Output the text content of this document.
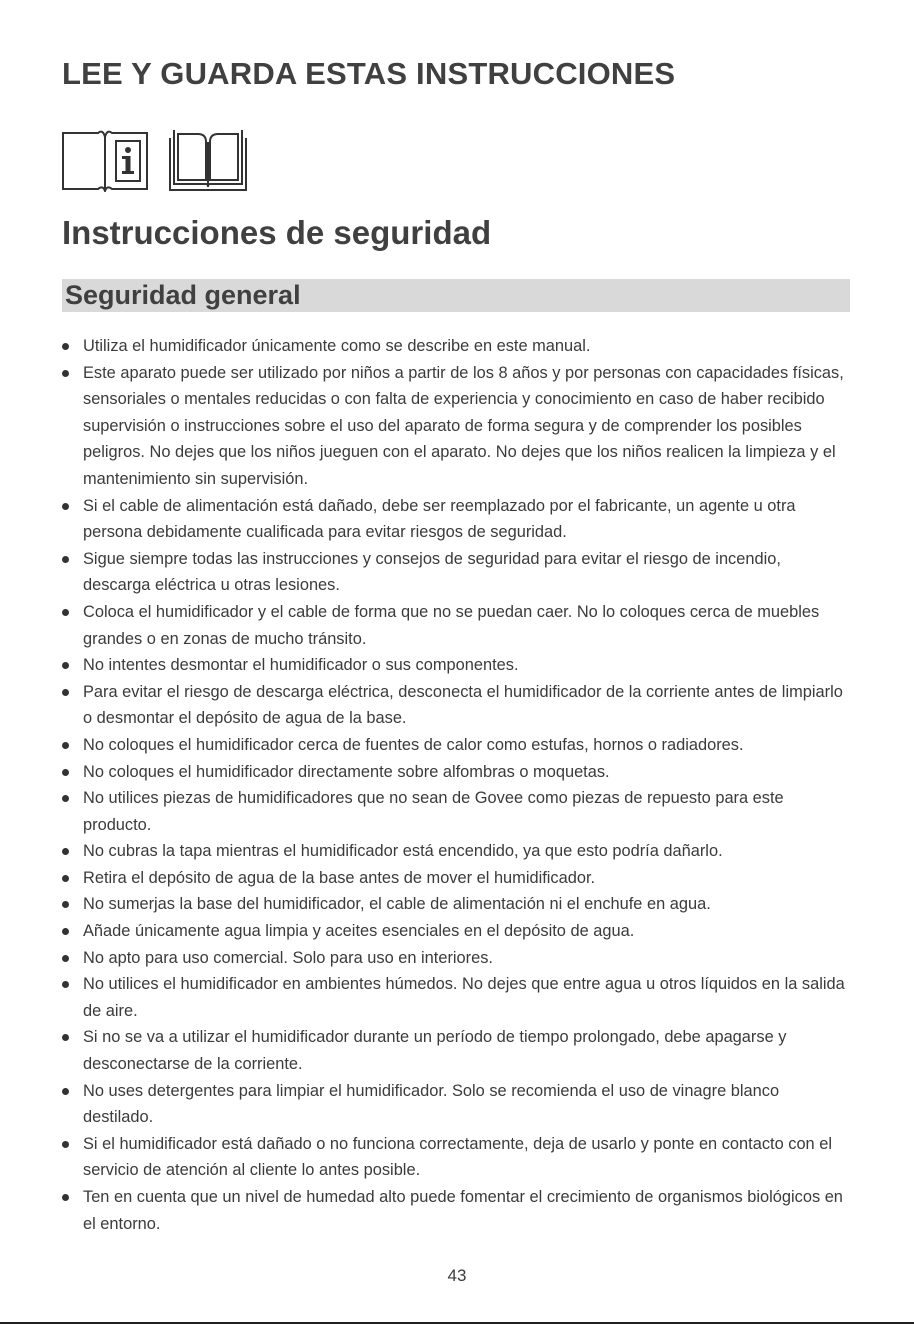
LEE Y GUARDA ESTAS INSTRUCCIONES
Instrucciones de seguridad
Seguridad general
Utiliza el humidificador únicamente como se describe en este manual.
Este aparato puede ser utilizado por niños a partir de los 8 años y por personas con capacidades físicas, sensoriales o mentales reducidas o con falta de experiencia y conocimiento en caso de haber recibido supervisión o instrucciones sobre el uso del aparato de forma segura y de comprender los posibles peligros. No dejes que los niños jueguen con el aparato. No dejes que los niños realicen la limpieza y el mantenimiento sin supervisión.
Si el cable de alimentación está dañado, debe ser reemplazado por el fabricante, un agente u otra persona debidamente cualificada para evitar riesgos de seguridad.
Sigue siempre todas las instrucciones y consejos de seguridad para evitar el riesgo de incendio, descarga eléctrica u otras lesiones.
Coloca el humidificador y el cable de forma que no se puedan caer. No lo coloques cerca de muebles grandes o en zonas de mucho tránsito.
No intentes desmontar el humidificador o sus componentes.
Para evitar el riesgo de descarga eléctrica, desconecta el humidificador de la corriente antes de limpiarlo o desmontar el depósito de agua de la base.
No coloques el humidificador cerca de fuentes de calor como estufas, hornos o radiadores.
No coloques el humidificador directamente sobre alfombras o moquetas.
No utilices piezas de humidificadores que no sean de Govee como piezas de repuesto para este producto.
No cubras la tapa mientras el humidificador está encendido, ya que esto podría dañarlo.
Retira el depósito de agua de la base antes de mover el humidificador.
No sumerjas la base del humidificador, el cable de alimentación ni el enchufe en agua.
Añade únicamente agua limpia y aceites esenciales en el depósito de agua.
No apto para uso comercial. Solo para uso en interiores.
No utilices el humidificador en ambientes húmedos. No dejes que entre agua u otros líquidos en la salida de aire.
Si no se va a utilizar el humidificador durante un período de tiempo prolongado, debe apagarse y desconectarse de la corriente.
No uses detergentes para limpiar el humidificador. Solo se recomienda el uso de vinagre blanco destilado.
Si el humidificador está dañado o no funciona correctamente, deja de usarlo y ponte en contacto con el servicio de atención al cliente lo antes posible.
Ten en cuenta que un nivel de humedad alto puede fomentar el crecimiento de organismos biológicos en el entorno.
43
